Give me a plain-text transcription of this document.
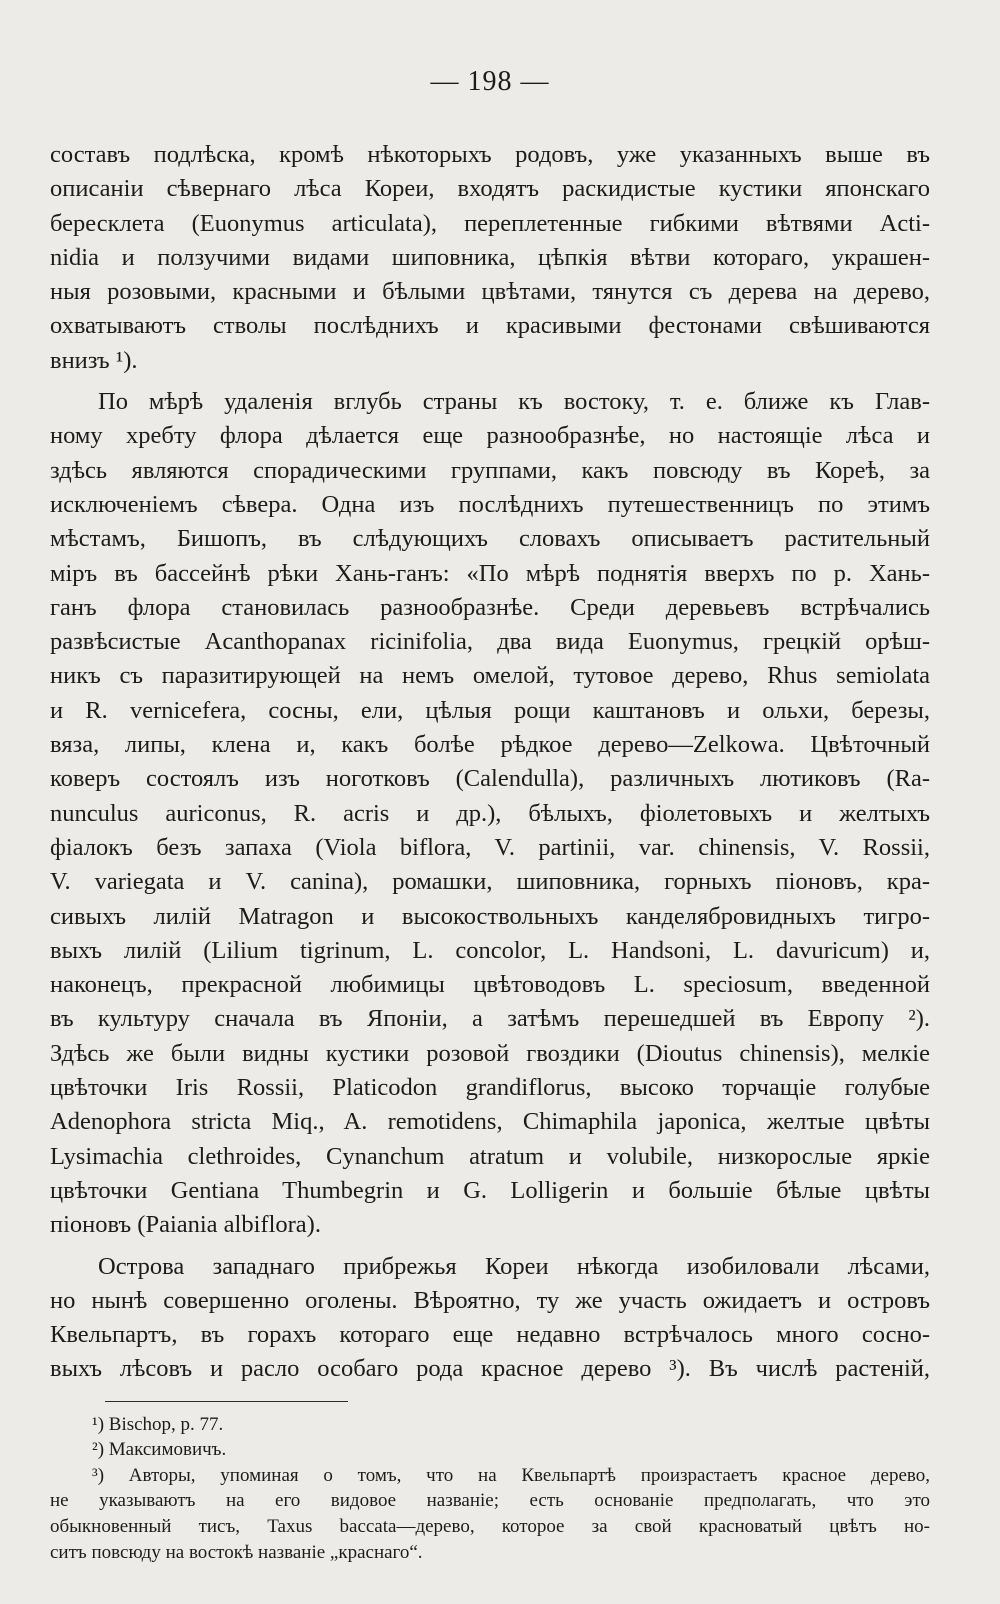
— 198 —

составъ подлѣска, кромѣ нѣкоторыхъ родовъ, уже указанныхъ выше въ
описаніи сѣвернаго лѣса Кореи, входятъ раскидистые кустики японскаго
бересклета (Euonymus articulata), переплетенные гибкими вѣтвями Acti-
nidia и ползучими видами шиповника, цѣпкія вѣтви котораго, украшен-
ныя розовыми, красными и бѣлыми цвѣтами, тянутся съ дерева на дерево,
охватываютъ стволы послѣднихъ и красивыми фестонами свѣшиваются
внизъ ¹).

По мѣрѣ удаленія вглубь страны къ востоку, т. е. ближе къ Глав-
ному хребту флора дѣлается еще разнообразнѣе, но настоящіе лѣса и
здѣсь являются спорадическими группами, какъ повсюду въ Кореѣ, за
исключеніемъ сѣвера. Одна изъ послѣднихъ путешественницъ по этимъ
мѣстамъ, Бишопъ, въ слѣдующихъ словахъ описываетъ растительный
міръ въ бассейнѣ рѣки Хань-ганъ: «По мѣрѣ поднятія вверхъ по р. Хань-
ганъ флора становилась разнообразнѣе. Среди деревьевъ встрѣчались
развѣсистые Acanthopanax ricinifolia, два вида Euonymus, грецкій орѣш-
никъ съ паразитирующей на немъ омелой, тутовое дерево, Rhus semiolata
и R. vernicefera, сосны, ели, цѣлыя рощи каштановъ и ольхи, березы,
вяза, липы, клена и, какъ болѣе рѣдкое дерево—Zelkowa. Цвѣточный
коверъ состоялъ изъ ноготковъ (Calendulla), различныхъ лютиковъ (Ra-
nunculus auriconus, R. acris и др.), бѣлыхъ, фіолетовыхъ и желтыхъ
фіалокъ безъ запаха (Viola biflora, V. partinii, var. chinensis, V. Rossii,
V. variegata и V. canina), ромашки, шиповника, горныхъ піоновъ, кра-
сивыхъ лилій Matragon и высокоствольныхъ канделябровидныхъ тигро-
выхъ лилій (Lilium tigrinum, L. concolor, L. Handsoni, L. davuricum) и,
наконецъ, прекрасной любимицы цвѣтоводовъ L. speciosum, введенной
въ культуру сначала въ Японіи, а затѣмъ перешедшей въ Европу ²).
Здѣсь же были видны кустики розовой гвоздики (Dioutus chinensis), мелкіе
цвѣточки Iris Rossii, Platicodon grandiflorus, высоко торчащіе голубые
Adenophora stricta Miq., A. remotidens, Chimaphila japonica, желтые цвѣты
Lysimachia clethroides, Cynanchum atratum и volubile, низкорослые яркіе
цвѣточки Gentiana Thumbegrin и G. Lolligerin и большіе бѣлые цвѣты
піоновъ (Paiania albiflora).

Острова западнаго прибрежья Кореи нѣкогда изобиловали лѣсами,
но нынѣ совершенно оголены. Вѣроятно, ту же участь ожидаетъ и островъ
Квельпартъ, въ горахъ котораго еще недавно встрѣчалось много сосно-
выхъ лѣсовъ и расло особаго рода красное дерево ³). Въ числѣ растеній,

¹) Bischop, p. 77.

²) Максимовичъ.

³) Авторы, упоминая о томъ, что на Квельпартѣ произрастаетъ красное дерево,
не указываютъ на его видовое названіе; есть основаніе предполагать, что это
обыкновенный тисъ, Taxus baccata—дерево, которое за свой красноватый цвѣтъ но-
ситъ повсюду на востокѣ названіе „краснаго“.
